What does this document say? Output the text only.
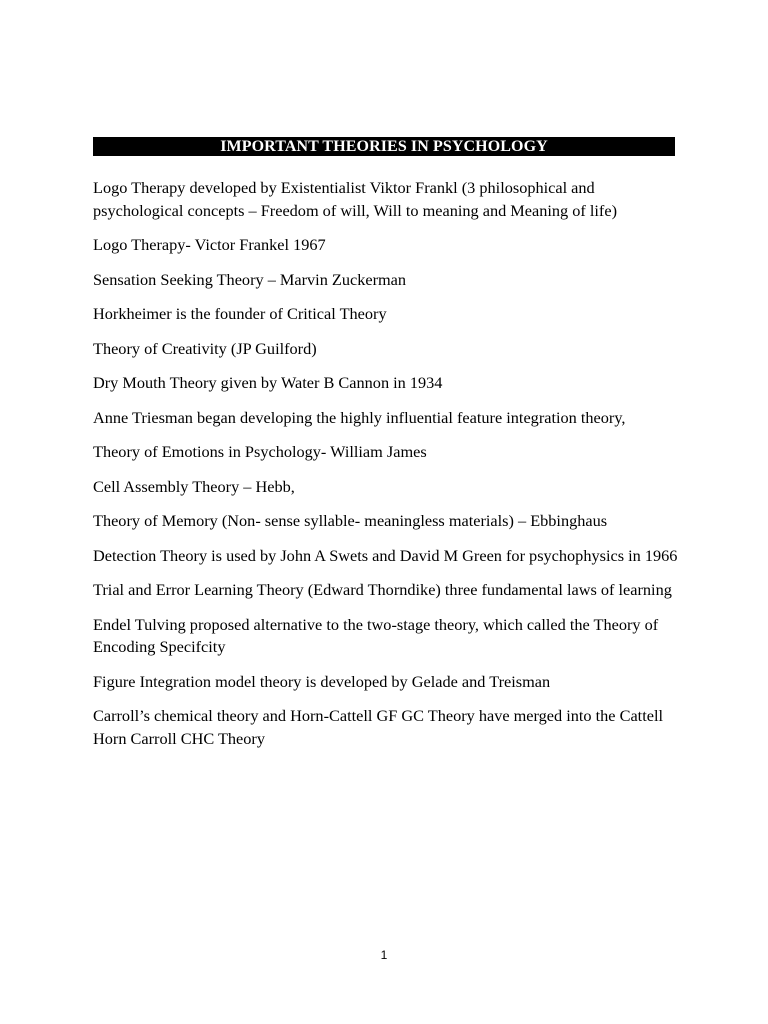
IMPORTANT THEORIES IN PSYCHOLOGY

Logo Therapy developed by Existentialist Viktor Frankl (3 philosophical and psychological concepts – Freedom of will, Will to meaning and Meaning of life)

Logo Therapy- Victor Frankel 1967

Sensation Seeking Theory – Marvin Zuckerman

Horkheimer is the founder of Critical Theory

Theory of Creativity (JP Guilford)

Dry Mouth Theory given by Water B Cannon in 1934

Anne Triesman began developing the highly influential feature integration theory,

Theory of Emotions in Psychology- William James

Cell Assembly Theory – Hebb,

Theory of Memory (Non- sense syllable- meaningless materials) – Ebbinghaus

Detection Theory is used by John A Swets and David M Green for psychophysics in 1966

Trial and Error Learning Theory (Edward Thorndike) three fundamental laws of learning

Endel Tulving proposed alternative to the two-stage theory, which called the Theory of Encoding Specifcity

Figure Integration model theory is developed by Gelade and Treisman

Carroll’s chemical theory and Horn-Cattell GF GC Theory have merged into the Cattell Horn Carroll CHC Theory

1
